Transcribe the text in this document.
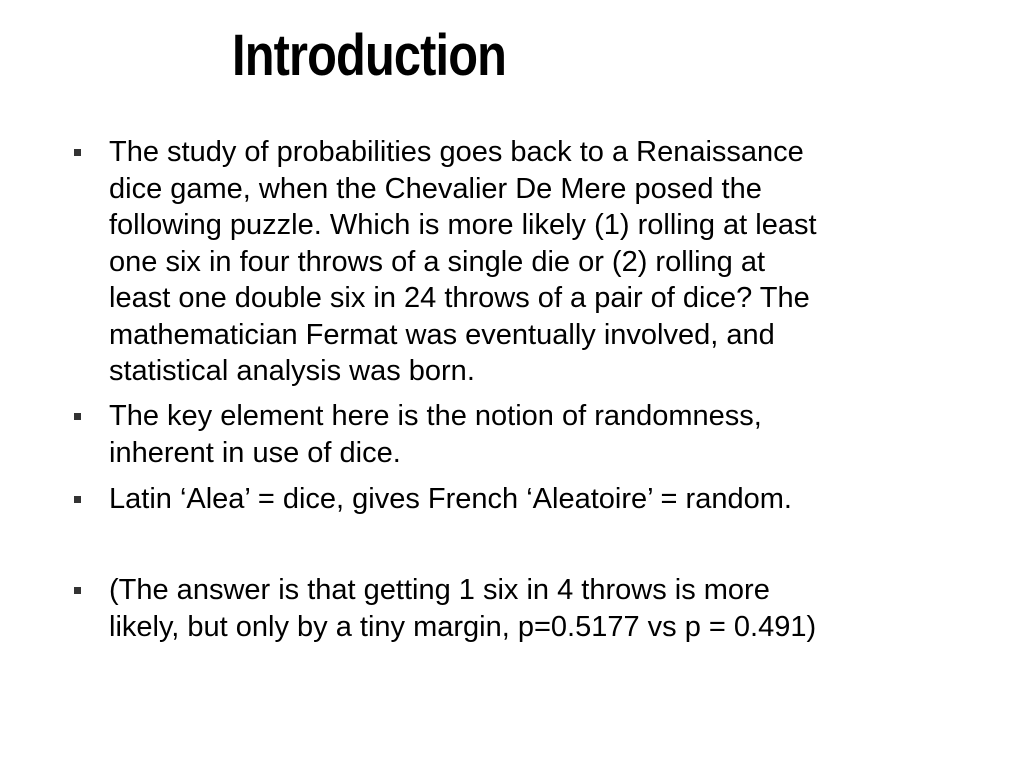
Introduction

The study of probabilities goes back to a Renaissance
dice game, when the Chevalier De Mere posed the
following puzzle. Which is more likely (1) rolling at least
one six in four throws of a single die or (2) rolling at
least one double six in 24 throws of a pair of dice? The
mathematician Fermat was eventually involved, and
statistical analysis was born.

The key element here is the notion of randomness,
inherent in use of dice.

Latin ‘Alea’ = dice, gives French ‘Aleatoire’ = random.

(The answer is that getting 1 six in 4 throws is more
likely, but only by a tiny margin, p=0.5177 vs p = 0.491)
